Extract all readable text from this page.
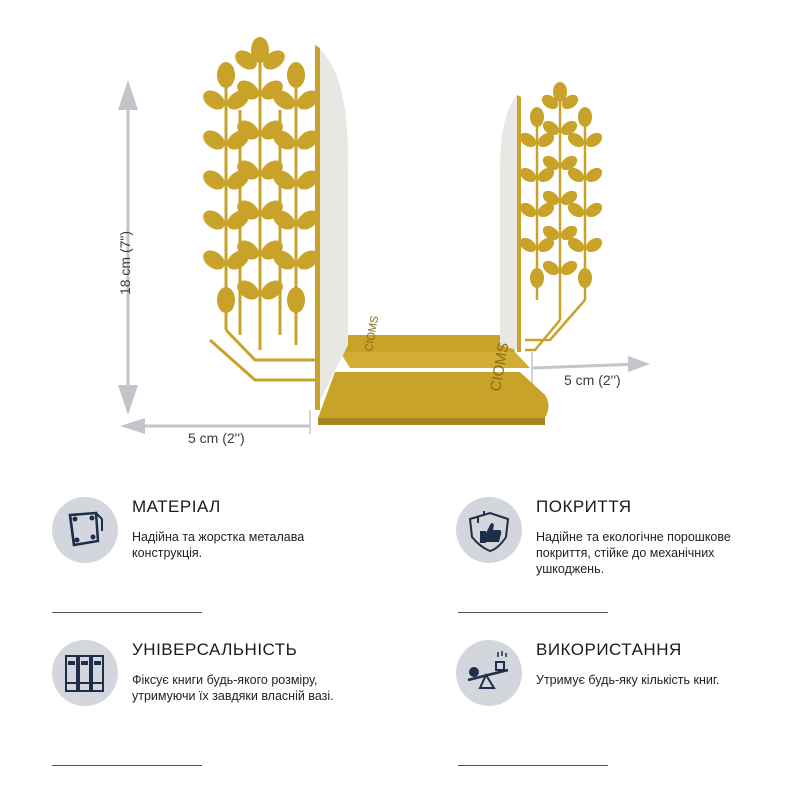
CIOMS
CIOMS
18 cm (7")
5 cm (2'')
5 cm (2'')
МАТЕРІАЛ
Надійна та жорстка металава
конструкція.
ПОКРИТТЯ
Надійне та екологічне порошкове
покриття, стійке до механічних
ушкоджень.
УНІВЕРСАЛЬНІСТЬ
Фіксує книги будь-якого розміру,
утримуючи їх завдяки власній вазі.
ВИКОРИСТАННЯ
Утримує будь-яку кількість книг.
